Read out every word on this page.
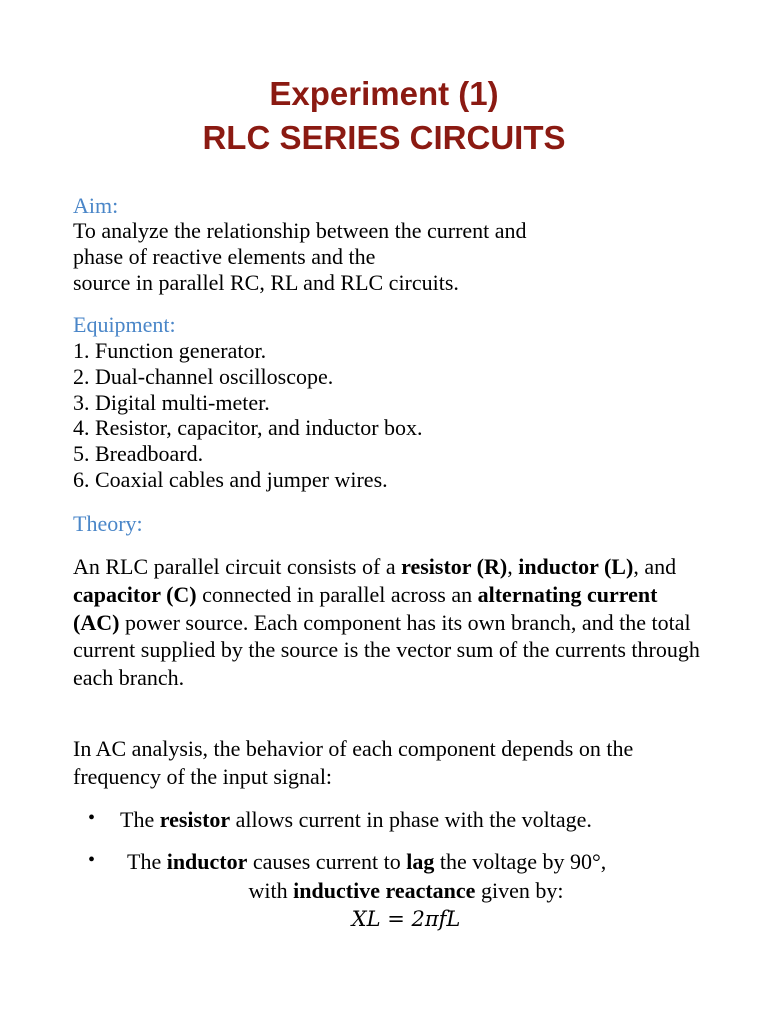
Experiment (1)
RLC SERIES CIRCUITS
Aim:
To analyze the relationship between the current and
phase of reactive elements and the
source in parallel RC, RL and RLC circuits.
Equipment:
1. Function generator.
2. Dual-channel oscilloscope.
3. Digital multi-meter.
4. Resistor, capacitor, and inductor box.
5. Breadboard.
6. Coaxial cables and jumper wires.
Theory:
An RLC parallel circuit consists of a resistor (R), inductor (L), and capacitor (C) connected in parallel across an alternating current (AC) power source. Each component has its own branch, and the total current supplied by the source is the vector sum of the currents through each branch.
In AC analysis, the behavior of each component depends on the frequency of the input signal:
• The resistor allows current in phase with the voltage.
• The inductor causes current to lag the voltage by 90°,
with inductive reactance given by:
XL = 2πfL
